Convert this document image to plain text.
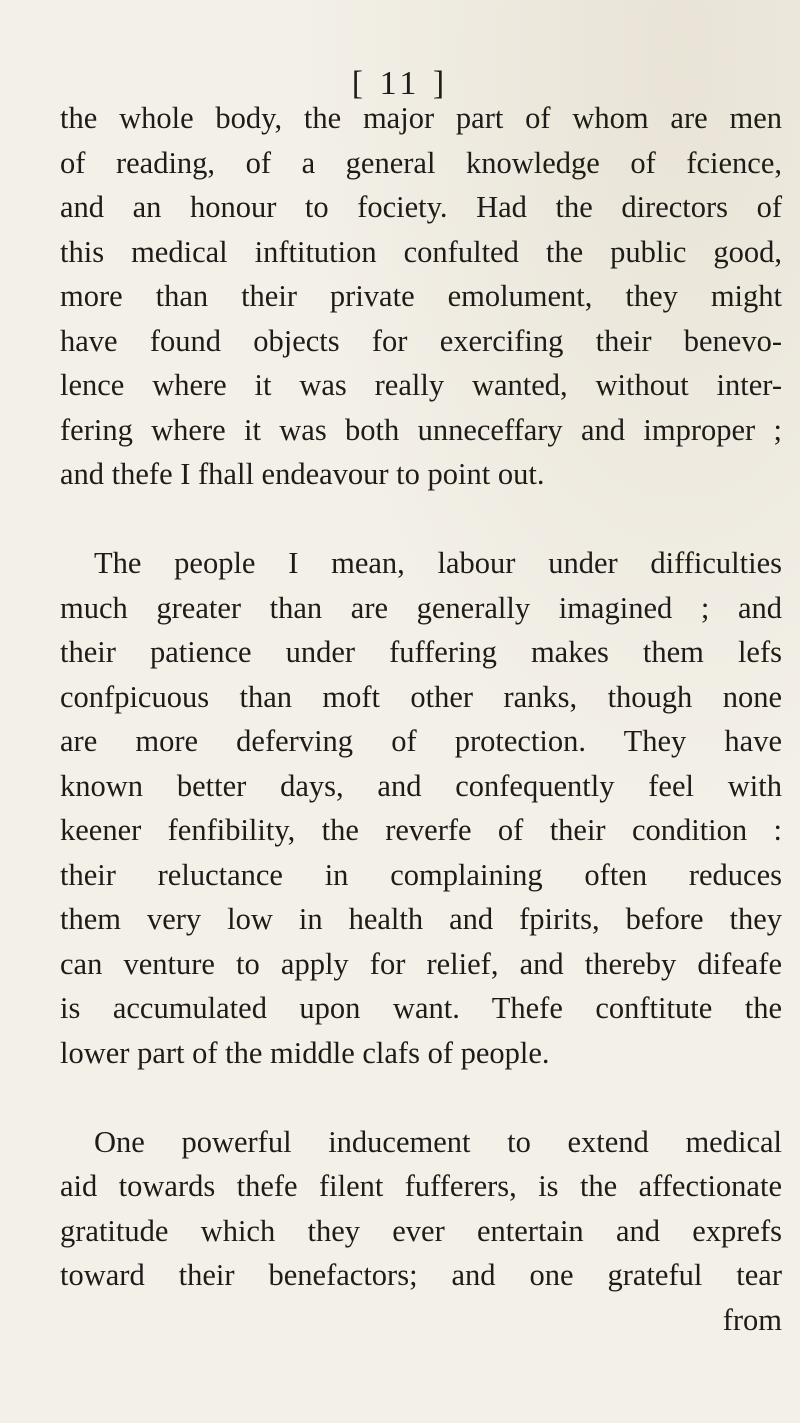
[ 11 ]
the whole body, the major part of whom are men
of reading, of a general knowledge of fcience,
and an honour to fociety. Had the directors of
this medical inftitution confulted the public good,
more than their private emolument, they might
have found objects for exercifing their benevo-
lence where it was really wanted, without inter-
fering where it was both unneceffary and improper ;
and thefe I fhall endeavour to point out.
The people I mean, labour under difficulties
much greater than are generally imagined ; and
their patience under fuffering makes them lefs
confpicuous than moft other ranks, though none
are more deferving of protection. They have
known better days, and confequently feel with
keener fenfibility, the reverfe of their condition :
their reluctance in complaining often reduces
them very low in health and fpirits, before they
can venture to apply for relief, and thereby difeafe
is accumulated upon want. Thefe conftitute the
lower part of the middle clafs of people.
One powerful inducement to extend medical
aid towards thefe filent fufferers, is the affectionate
gratitude which they ever entertain and exprefs
toward their benefactors; and one grateful tear
from
